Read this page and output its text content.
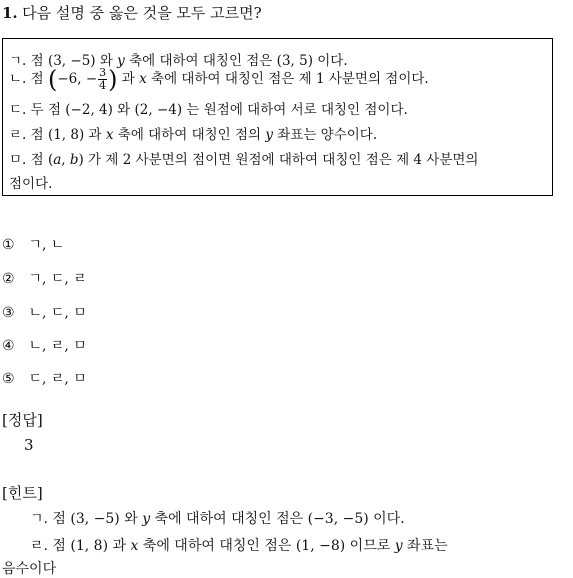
1. 다음 설명 중 옳은 것을 모두 고르면?
ㄱ. 점 (3, −5) 와 𝑦 축에 대하여 대칭인 점은 (3, 5) 이다.
ㄴ. 점 (−6, − $\frac{3}{4}$ ) 과 𝑥 축에 대하여 대칭인 점은 제 1 사분면의 점이다.
ㄷ. 두 점 (−2, 4) 와 (2, −4) 는 원점에 대하여 서로 대칭인 점이다.
ㄹ. 점 (1, 8) 과 𝑥 축에 대하여 대칭인 점의 𝑦 좌표는 양수이다.
ㅁ. 점 (𝑎, 𝑏) 가 제 2 사분면의 점이면 원점에 대하여 대칭인 점은 제 4 사분면의
점이다.
① ㄱ, ㄴ
② ㄱ, ㄷ, ㄹ
③ ㄴ, ㄷ, ㅁ
④ ㄴ, ㄹ, ㅁ
⑤ ㄷ, ㄹ, ㅁ
[정답]
3
[힌트]
ㄱ. 점 (3, −5) 와 𝑦 축에 대하여 대칭인 점은 (−3, −5) 이다.
ㄹ. 점 (1, 8) 과 𝑥 축에 대하여 대칭인 점은 (1, −8) 이므로 𝑦 좌표는
음수이다
